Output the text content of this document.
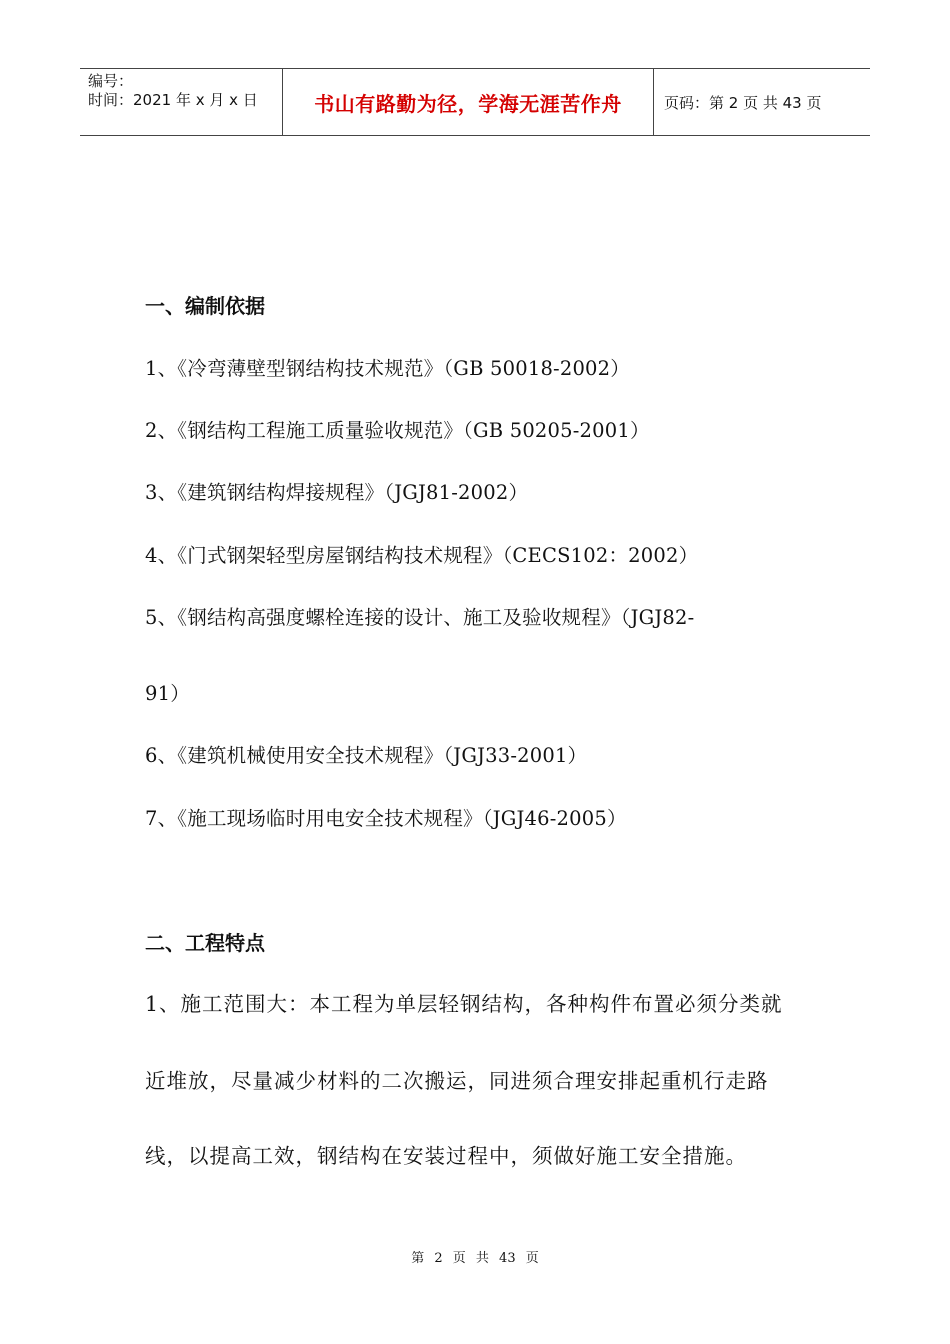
编号：
时间：2021 年 x 月 x 日	书山有路勤为径，学海无涯苦作舟	页码：第 2 页 共 43 页
一、编制依据
1、《冷弯薄壁型钢结构技术规范》（GB 50018-2002）
2、《钢结构工程施工质量验收规范》（GB 50205-2001）
3、《建筑钢结构焊接规程》（JGJ81-2002）
4、《门式钢架轻型房屋钢结构技术规程》（CECS102：2002）
5、《钢结构高强度螺栓连接的设计、施工及验收规程》（JGJ82-
91）
6、《建筑机械使用安全技术规程》（JGJ33-2001）
7、《施工现场临时用电安全技术规程》（JGJ46-2005）
二、工程特点
1、施工范围大：本工程为单层轻钢结构，各种构件布置必须分类就
近堆放，尽量减少材料的二次搬运，同进须合理安排起重机行走路
线，以提高工效，钢结构在安装过程中，须做好施工安全措施。
第 2 页 共 43 页
